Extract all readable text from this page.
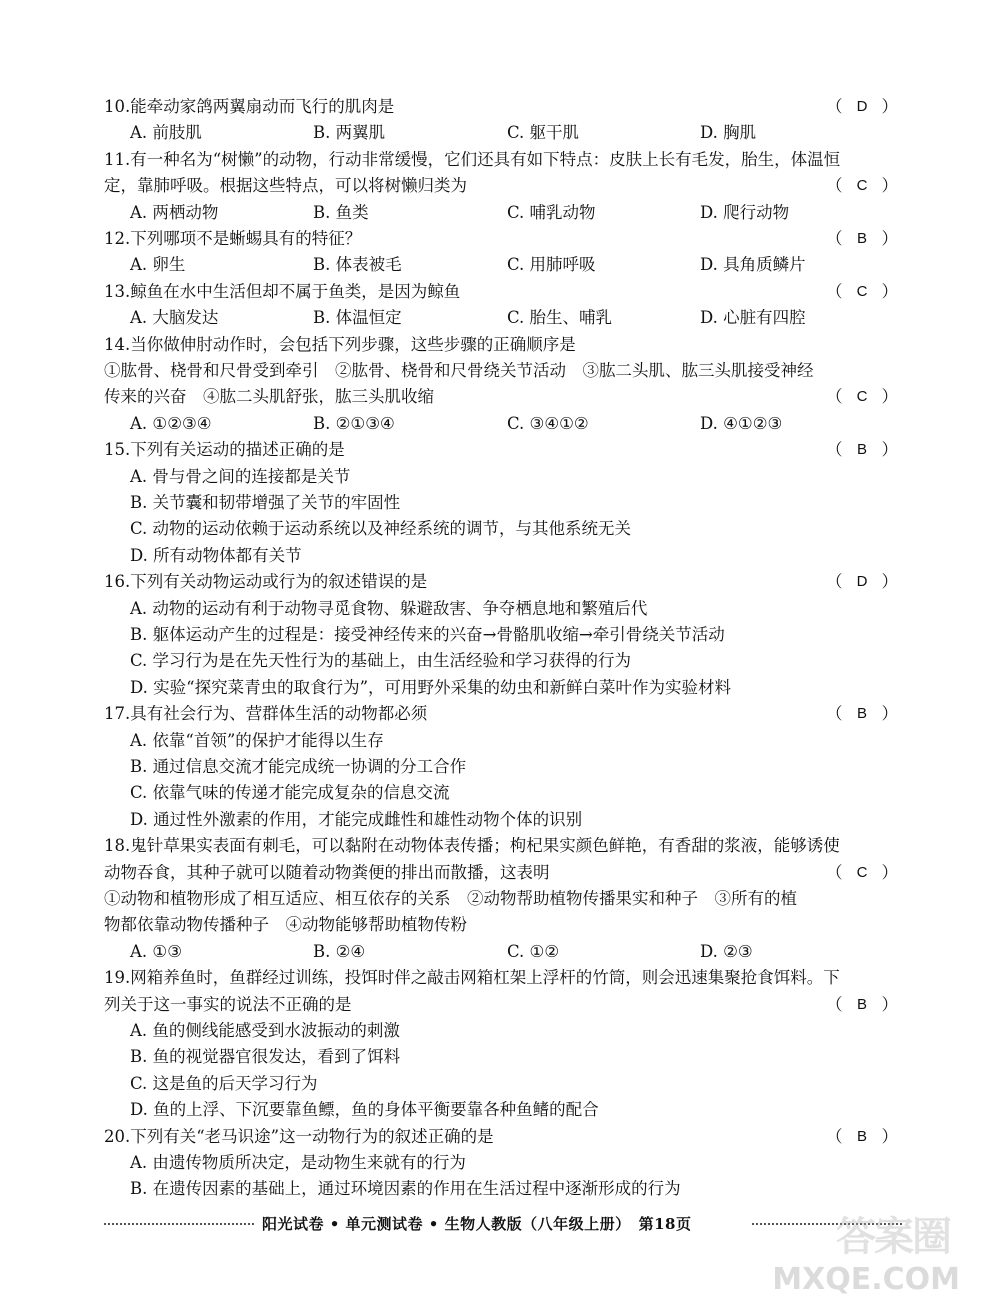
10.能牵动家鸽两翼扇动而飞行的肌肉是	（ D ）
A. 前肢肌	B. 两翼肌	C. 躯干肌	D. 胸肌
11.有一种名为“树懒”的动物，行动非常缓慢，它们还具有如下特点：皮肤上长有毛发，胎生，体温恒
定，靠肺呼吸。根据这些特点，可以将树懒归类为	（ C ）
A. 两栖动物	B. 鱼类	C. 哺乳动物	D. 爬行动物
12.下列哪项不是蜥蜴具有的特征？	（ B ）
A. 卵生	B. 体表被毛	C. 用肺呼吸	D. 具角质鳞片
13.鲸鱼在水中生活但却不属于鱼类，是因为鲸鱼	（ C ）
A. 大脑发达	B. 体温恒定	C. 胎生、哺乳	D. 心脏有四腔
14.当你做伸肘动作时，会包括下列步骤，这些步骤的正确顺序是
①肱骨、桡骨和尺骨受到牵引　②肱骨、桡骨和尺骨绕关节活动　③肱二头肌、肱三头肌接受神经
传来的兴奋　④肱二头肌舒张，肱三头肌收缩	（ C ）
A. ①②③④	B. ②①③④	C. ③④①②	D. ④①②③
15.下列有关运动的描述正确的是	（ B ）
A. 骨与骨之间的连接都是关节
B. 关节囊和韧带增强了关节的牢固性
C. 动物的运动依赖于运动系统以及神经系统的调节，与其他系统无关
D. 所有动物体都有关节
16.下列有关动物运动或行为的叙述错误的是	（ D ）
A. 动物的运动有利于动物寻觅食物、躲避敌害、争夺栖息地和繁殖后代
B. 躯体运动产生的过程是：接受神经传来的兴奋→骨骼肌收缩→牵引骨绕关节活动
C. 学习行为是在先天性行为的基础上，由生活经验和学习获得的行为
D. 实验“探究菜青虫的取食行为”，可用野外采集的幼虫和新鲜白菜叶作为实验材料
17.具有社会行为、营群体生活的动物都必须	（ B ）
A. 依靠“首领”的保护才能得以生存
B. 通过信息交流才能完成统一协调的分工合作
C. 依靠气味的传递才能完成复杂的信息交流
D. 通过性外激素的作用，才能完成雌性和雄性动物个体的识别
18.鬼针草果实表面有刺毛，可以黏附在动物体表传播；枸杞果实颜色鲜艳，有香甜的浆液，能够诱使
动物吞食，其种子就可以随着动物粪便的排出而散播，这表明	（ C ）
①动物和植物形成了相互适应、相互依存的关系　②动物帮助植物传播果实和种子　③所有的植
物都依靠动物传播种子　④动物能够帮助植物传粉
A. ①③	B. ②④	C. ①②	D. ②③
19.网箱养鱼时，鱼群经过训练，投饵时伴之敲击网箱杠架上浮杆的竹筒，则会迅速集聚抢食饵料。下
列关于这一事实的说法不正确的是	（ B ）
A. 鱼的侧线能感受到水波振动的刺激
B. 鱼的视觉器官很发达，看到了饵料
C. 这是鱼的后天学习行为
D. 鱼的上浮、下沉要靠鱼鳔，鱼的身体平衡要靠各种鱼鳍的配合
20.下列有关“老马识途”这一动物行为的叙述正确的是	（ B ）
A. 由遗传物质所决定，是动物生来就有的行为
B. 在遗传因素的基础上，通过环境因素的作用在生活过程中逐渐形成的行为
阳光试卷 • 单元测试卷 • 生物人教版（八年级上册）　第18页	答案圈
MXQE.COM
